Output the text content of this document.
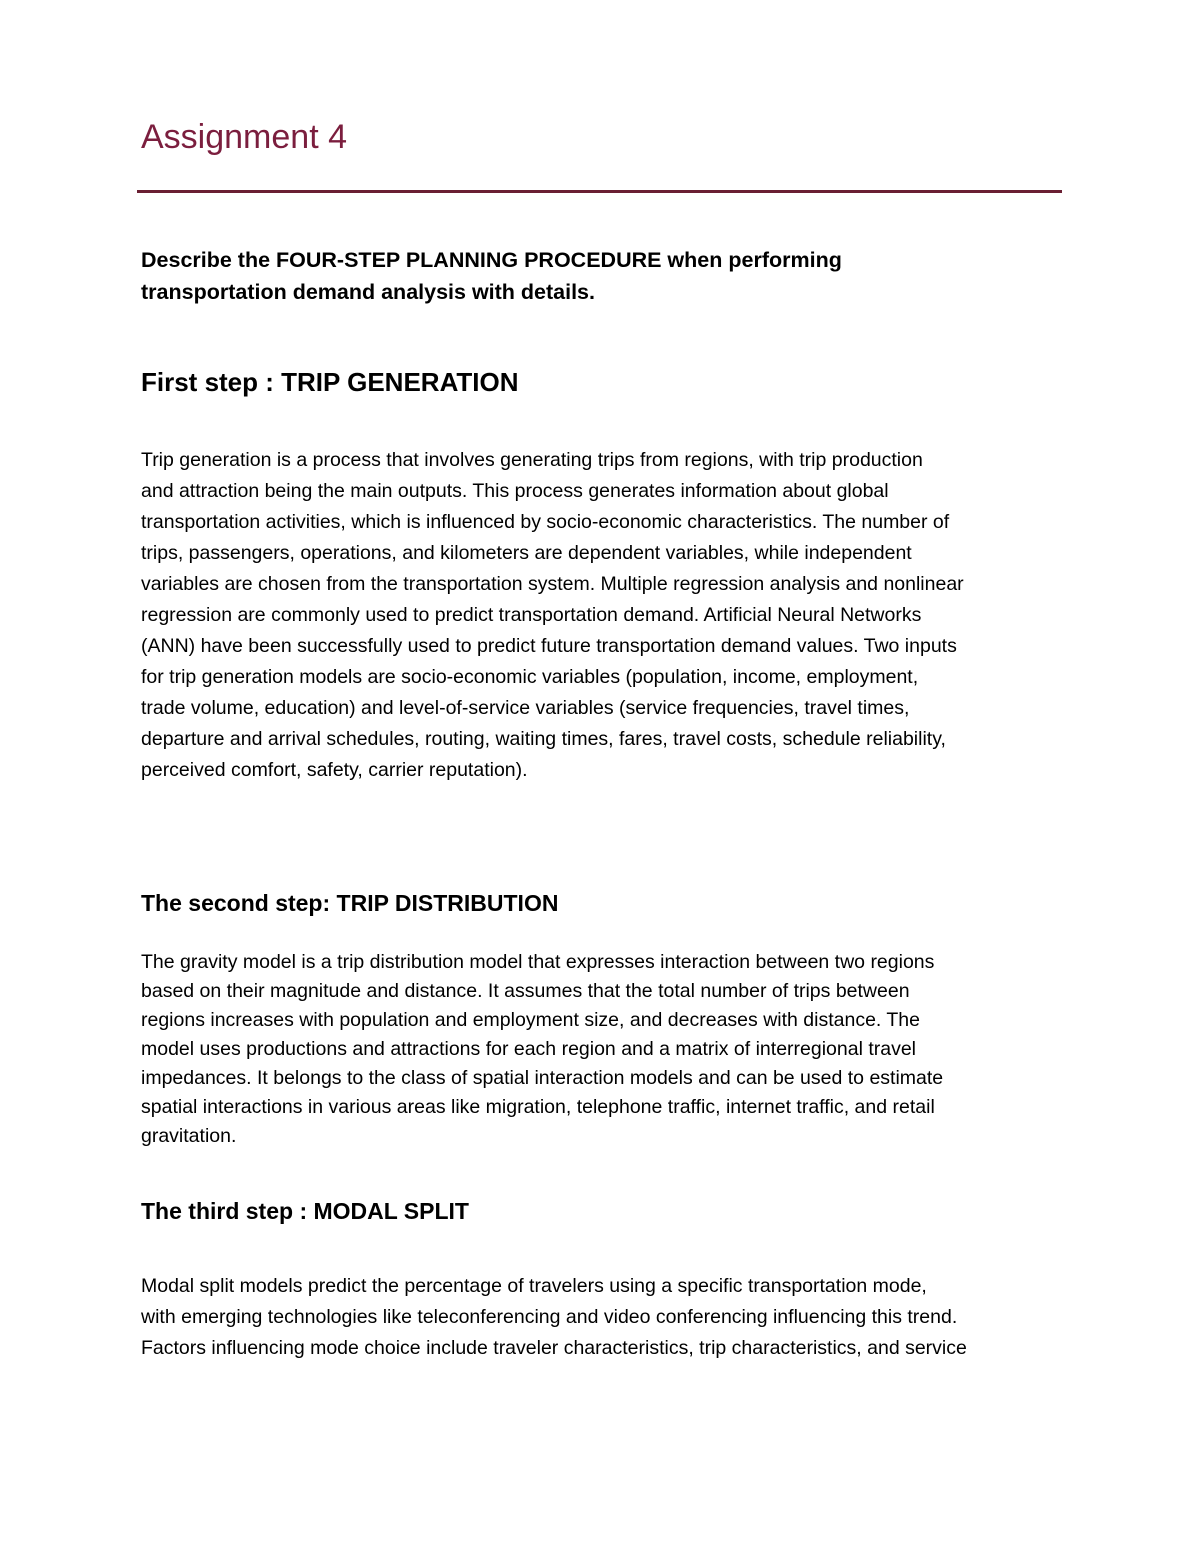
Assignment 4

Describe the FOUR-STEP PLANNING PROCEDURE when performing transportation demand analysis with details.

First step : TRIP GENERATION

Trip generation is a process that involves generating trips from regions, with trip production
and attraction being the main outputs. This process generates information about global
transportation activities, which is influenced by socio-economic characteristics. The number of
trips, passengers, operations, and kilometers are dependent variables, while independent
variables are chosen from the transportation system. Multiple regression analysis and nonlinear
regression are commonly used to predict transportation demand. Artificial Neural Networks
(ANN) have been successfully used to predict future transportation demand values. Two inputs
for trip generation models are socio-economic variables (population, income, employment,
trade volume, education) and level-of-service variables (service frequencies, travel times,
departure and arrival schedules, routing, waiting times, fares, travel costs, schedule reliability,
perceived comfort, safety, carrier reputation).

The second step: TRIP DISTRIBUTION

The gravity model is a trip distribution model that expresses interaction between two regions
based on their magnitude and distance. It assumes that the total number of trips between
regions increases with population and employment size, and decreases with distance. The
model uses productions and attractions for each region and a matrix of interregional travel
impedances. It belongs to the class of spatial interaction models and can be used to estimate
spatial interactions in various areas like migration, telephone traffic, internet traffic, and retail
gravitation.

The third step : MODAL SPLIT

Modal split models predict the percentage of travelers using a specific transportation mode,
with emerging technologies like teleconferencing and video conferencing influencing this trend.
Factors influencing mode choice include traveler characteristics, trip characteristics, and service
